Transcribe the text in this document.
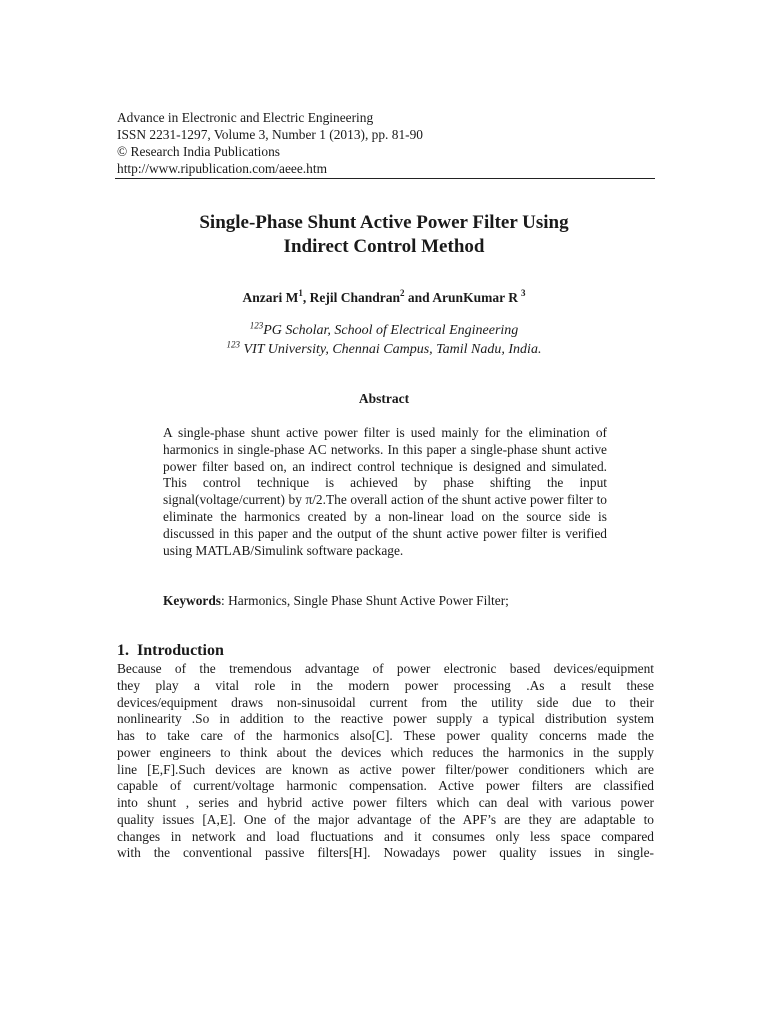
Advance in Electronic and Electric Engineering
ISSN 2231-1297, Volume 3, Number 1 (2013), pp. 81-90
© Research India Publications
http://www.ripublication.com/aeee.htm
Single-Phase Shunt Active Power Filter Using
Indirect Control Method
Anzari $M^1$, Rejil Chandran$^2$ and ArunKumar R $^3$
$^{123}$PG Scholar, School of Electrical Engineering
$^{123}$ VIT University, Chennai Campus, Tamil Nadu, India.
Abstract
A single-phase shunt active power filter is used mainly for the elimination of harmonics in single-phase AC networks. In this paper a single-phase shunt active power filter based on, an indirect control technique is designed and simulated. This control technique is achieved by phase shifting the input signal(voltage/current) by π/2.The overall action of the shunt active power filter to eliminate the harmonics created by a non-linear load on the source side is discussed in this paper and the output of the shunt active power filter is verified using MATLAB/Simulink software package.
Keywords: Harmonics, Single Phase Shunt Active Power Filter;
1.  Introduction
Because of the tremendous advantage of power electronic based devices/equipment
they play a vital role in the modern power processing .As a result these
devices/equipment draws non-sinusoidal current from the utility side due to their
nonlinearity .So in addition to the reactive power supply a typical distribution system
has to take care of the harmonics also[C]. These power quality concerns made the
power engineers to think about the devices which reduces the harmonics in the supply
line [E,F].Such devices are known as active power filter/power conditioners which are
capable of current/voltage harmonic compensation. Active power filters are classified
into shunt , series and hybrid active power filters which can deal with various power
quality issues [A,E]. One of the major advantage of the APF’s are they are adaptable to
changes in network and load fluctuations and it consumes only less space compared
with the conventional passive filters[H]. Nowadays power quality issues in single-
